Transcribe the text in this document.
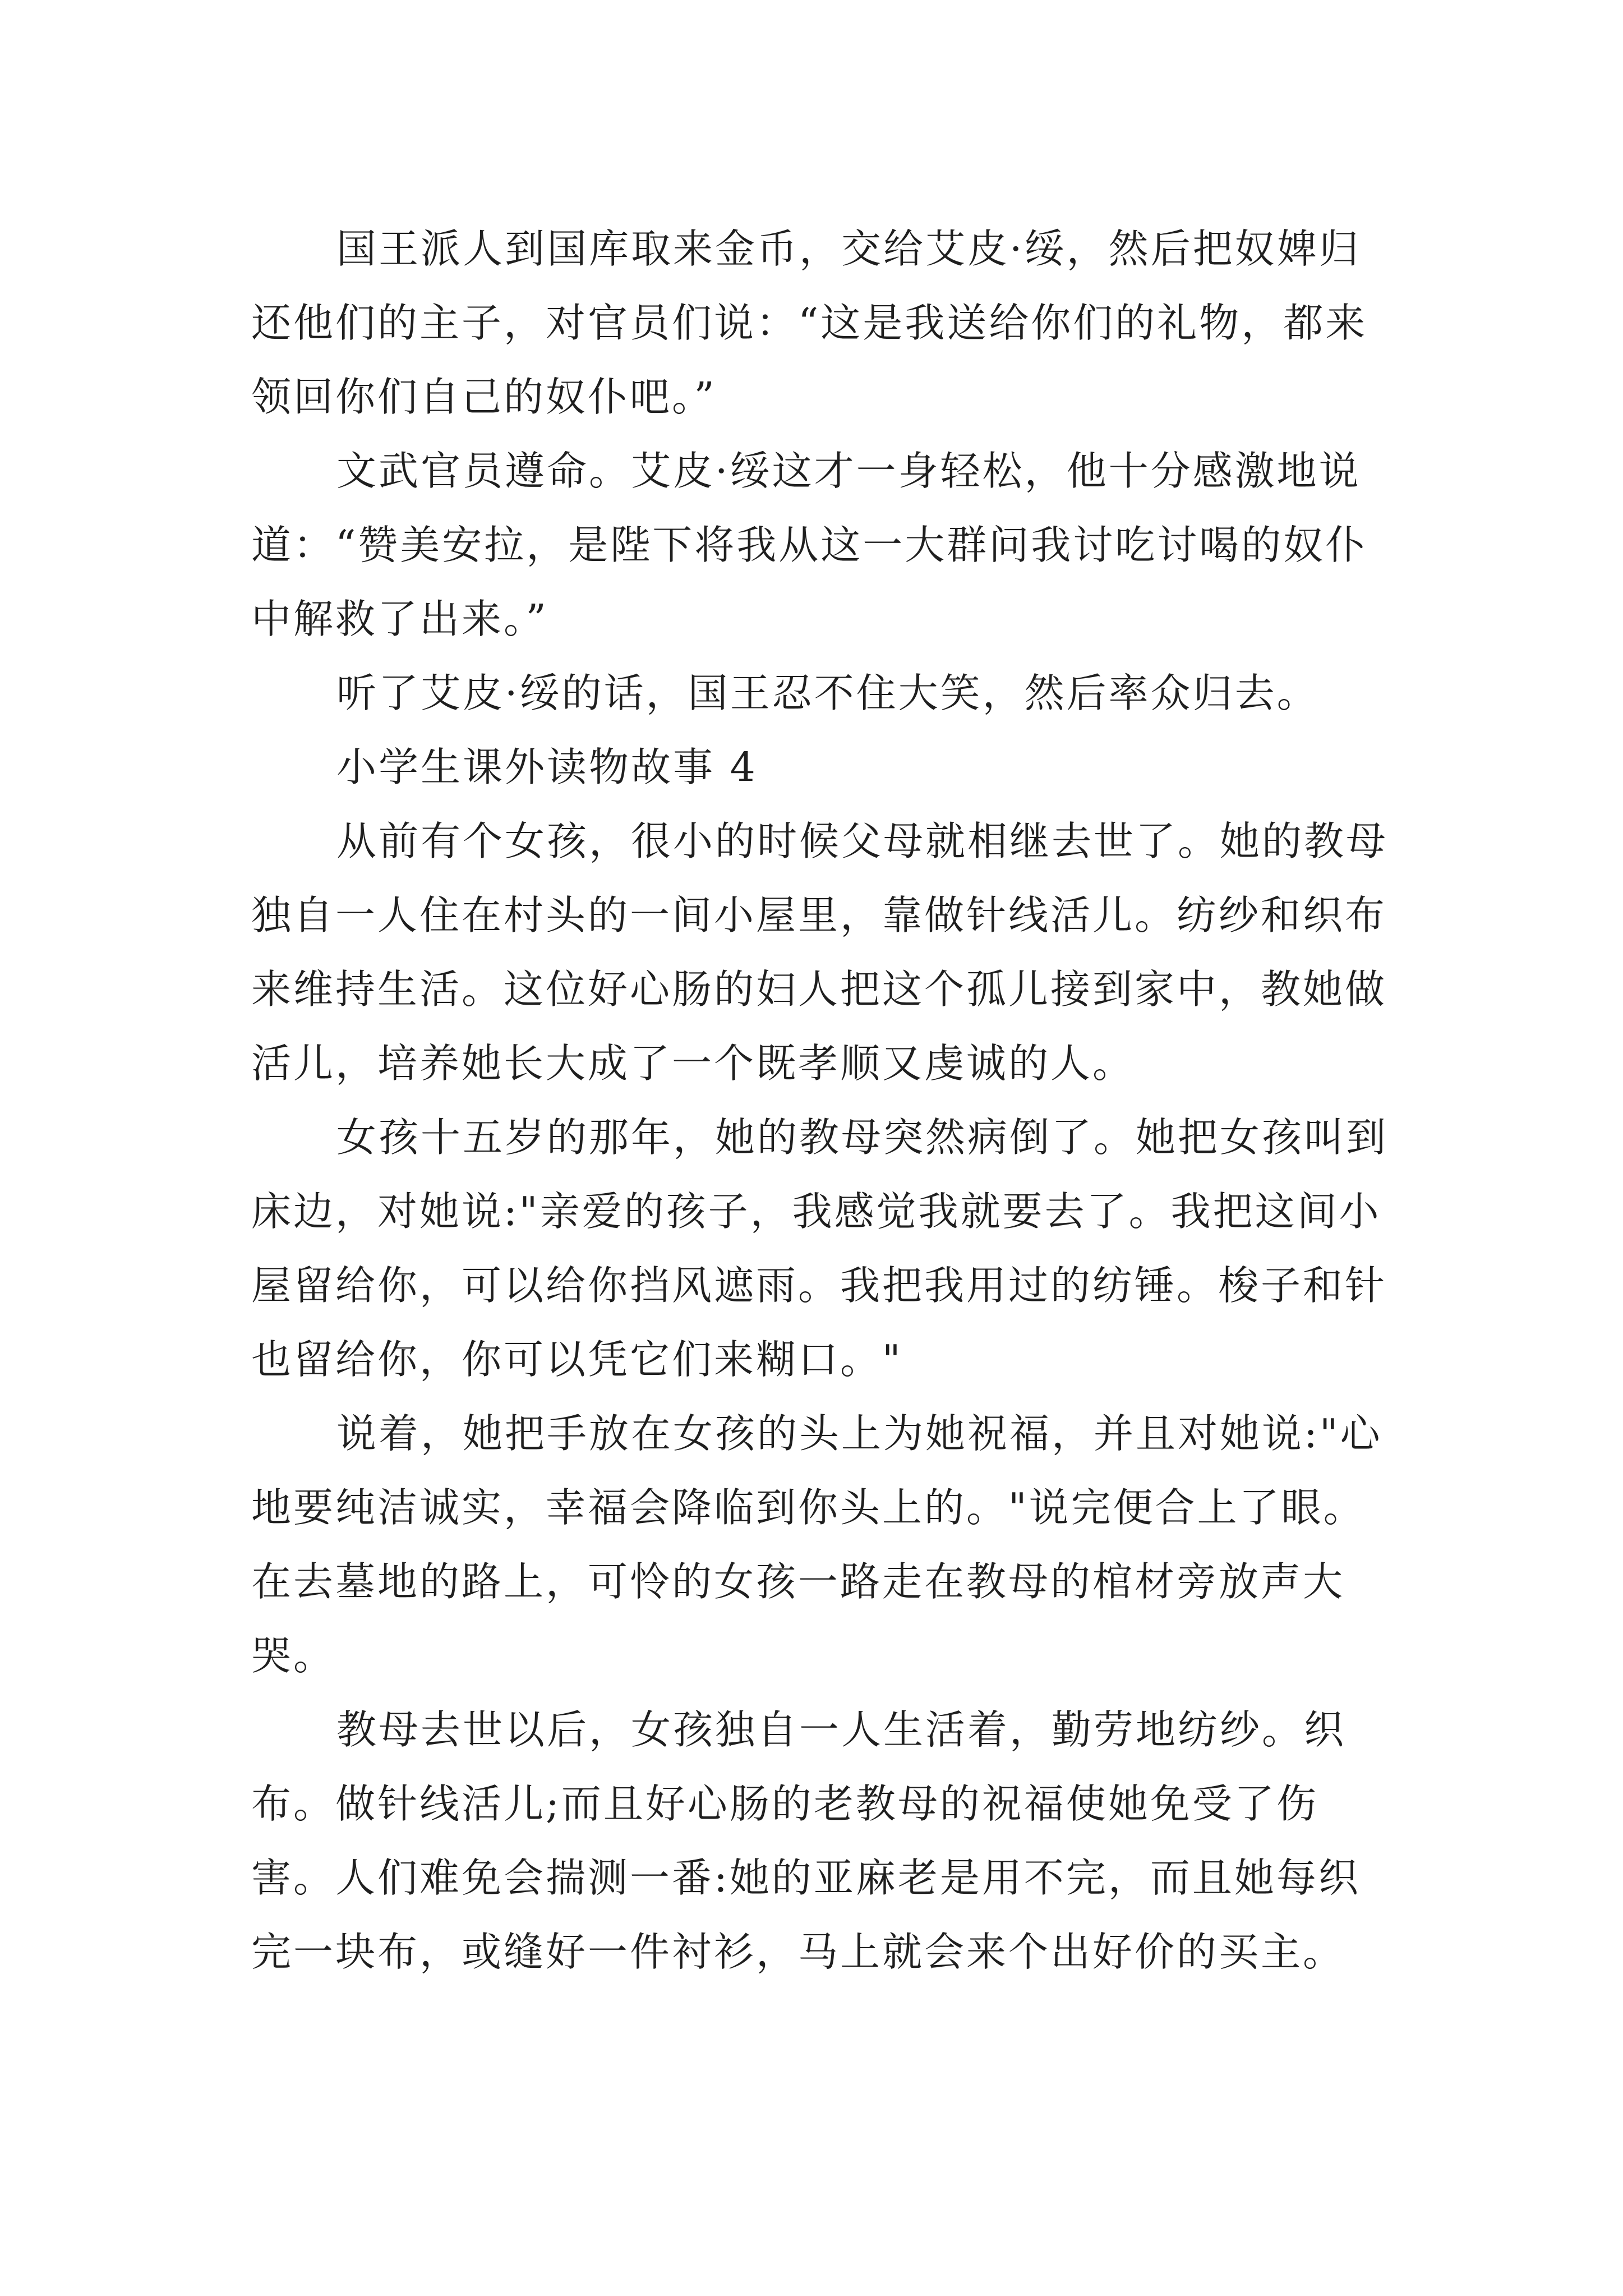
国王派人到国库取来金币，交给艾皮·绥，然后把奴婢归还他们的主子，对官员们说：“这是我送给你们的礼物，都来领回你们自己的奴仆吧。”

文武官员遵命。艾皮·绥这才一身轻松，他十分感激地说道：“赞美安拉，是陛下将我从这一大群问我讨吃讨喝的奴仆中解救了出来。”

听了艾皮·绥的话，国王忍不住大笑，然后率众归去。

小学生课外读物故事 4

从前有个女孩，很小的时候父母就相继去世了。她的教母独自一人住在村头的一间小屋里，靠做针线活儿。纺纱和织布来维持生活。这位好心肠的妇人把这个孤儿接到家中，教她做活儿，培养她长大成了一个既孝顺又虔诚的人。

女孩十五岁的那年，她的教母突然病倒了。她把女孩叫到床边，对她说:"亲爱的孩子，我感觉我就要去了。我把这间小屋留给你，可以给你挡风遮雨。我把我用过的纺锤。梭子和针也留给你，你可以凭它们来糊口。"

说着，她把手放在女孩的头上为她祝福，并且对她说:"心地要纯洁诚实，幸福会降临到你头上的。"说完便合上了眼。在去墓地的路上，可怜的女孩一路走在教母的棺材旁放声大哭。

教母去世以后，女孩独自一人生活着，勤劳地纺纱。织布。做针线活儿;而且好心肠的老教母的祝福使她免受了伤害。人们难免会揣测一番:她的亚麻老是用不完，而且她每织完一块布，或缝好一件衬衫，马上就会来个出好价的买主。
